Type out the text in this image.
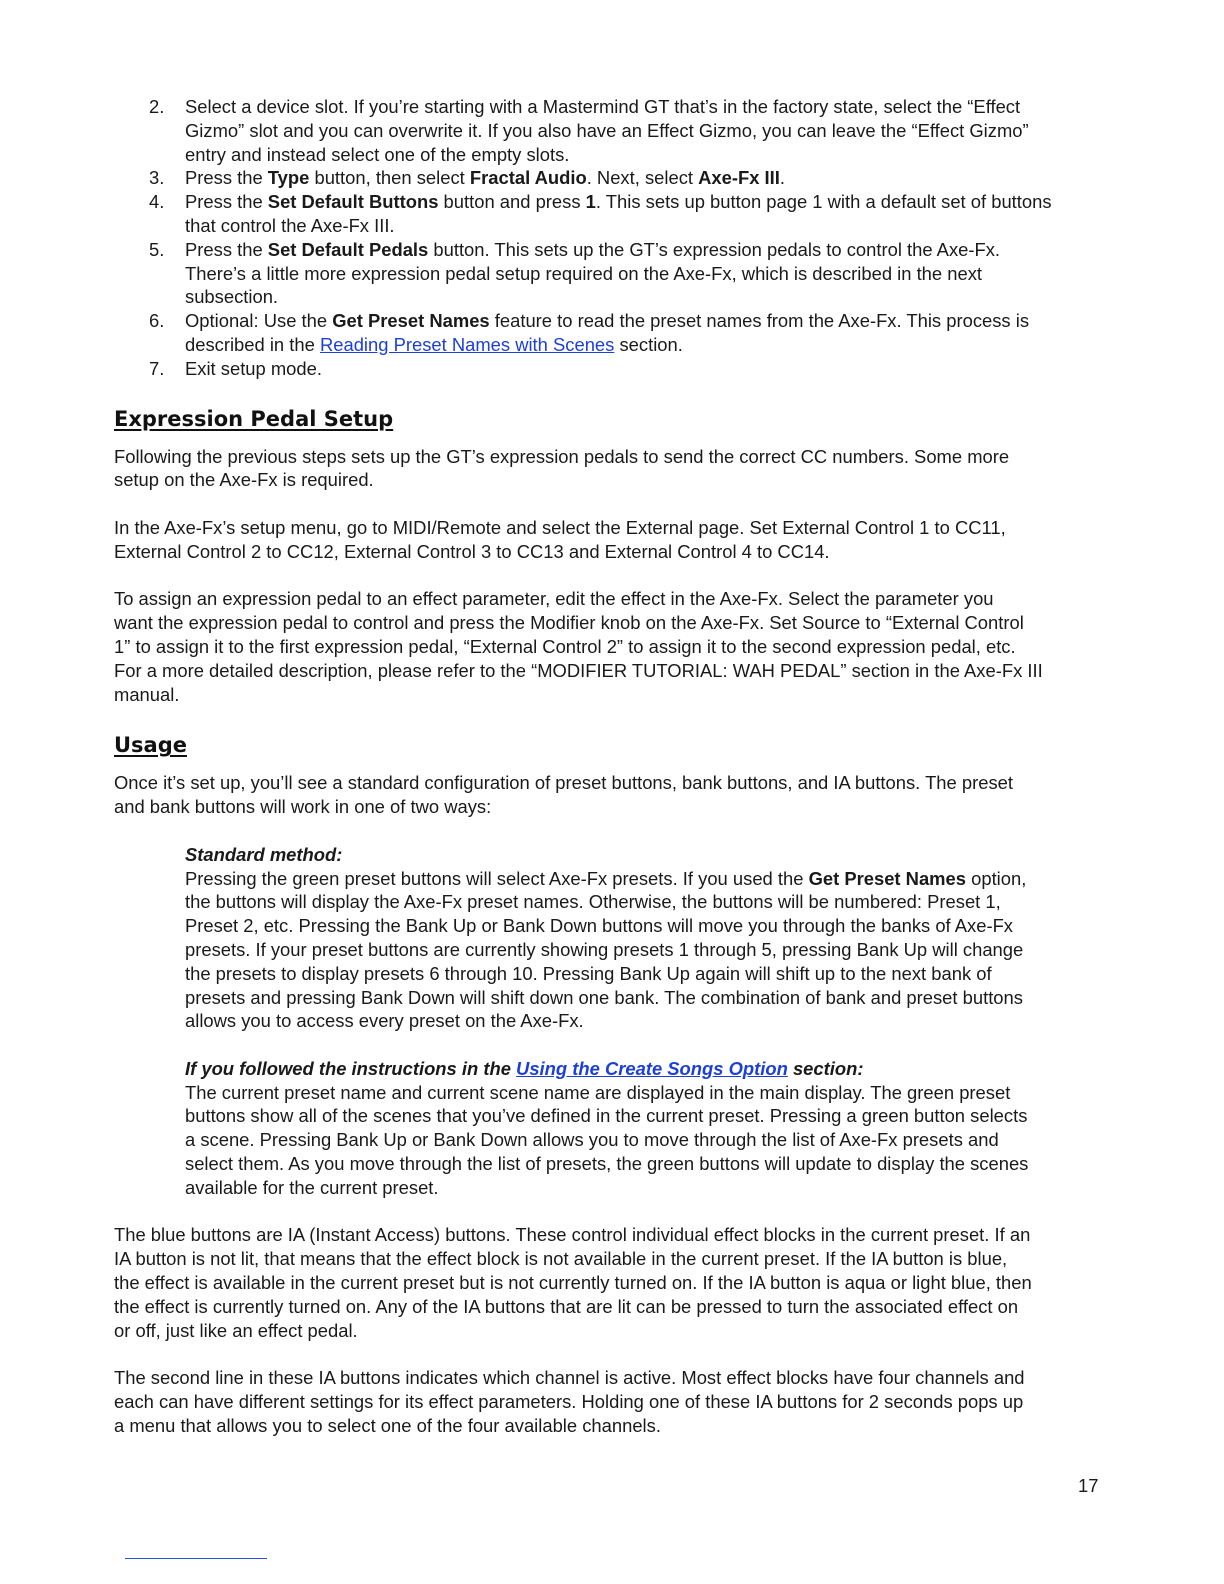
2. Select a device slot. If you’re starting with a Mastermind GT that’s in the factory state, select the “Effect
Gizmo” slot and you can overwrite it. If you also have an Effect Gizmo, you can leave the “Effect Gizmo”
entry and instead select one of the empty slots.
3. Press the Type button, then select Fractal Audio. Next, select Axe-Fx III.
4. Press the Set Default Buttons button and press 1. This sets up button page 1 with a default set of buttons
that control the Axe-Fx III.
5. Press the Set Default Pedals button. This sets up the GT’s expression pedals to control the Axe-Fx.
There’s a little more expression pedal setup required on the Axe-Fx, which is described in the next
subsection.
6. Optional: Use the Get Preset Names feature to read the preset names from the Axe-Fx. This process is
described in the Reading Preset Names with Scenes section.
7. Exit setup mode.
Expression Pedal Setup

Following the previous steps sets up the GT’s expression pedals to send the correct CC numbers. Some more
setup on the Axe-Fx is required.

In the Axe-Fx’s setup menu, go to MIDI/Remote and select the External page. Set External Control 1 to CC11,
External Control 2 to CC12, External Control 3 to CC13 and External Control 4 to CC14.

To assign an expression pedal to an effect parameter, edit the effect in the Axe-Fx. Select the parameter you
want the expression pedal to control and press the Modifier knob on the Axe-Fx. Set Source to “External Control
1” to assign it to the first expression pedal, “External Control 2” to assign it to the second expression pedal, etc.
For a more detailed description, please refer to the “MODIFIER TUTORIAL: WAH PEDAL” section in the Axe-Fx III
manual.

Usage

Once it’s set up, you’ll see a standard configuration of preset buttons, bank buttons, and IA buttons. The preset
and bank buttons will work in one of two ways:

Standard method:
Pressing the green preset buttons will select Axe-Fx presets. If you used the Get Preset Names option,
the buttons will display the Axe-Fx preset names. Otherwise, the buttons will be numbered: Preset 1,
Preset 2, etc. Pressing the Bank Up or Bank Down buttons will move you through the banks of Axe-Fx
presets. If your preset buttons are currently showing presets 1 through 5, pressing Bank Up will change
the presets to display presets 6 through 10. Pressing Bank Up again will shift up to the next bank of
presets and pressing Bank Down will shift down one bank. The combination of bank and preset buttons
allows you to access every preset on the Axe-Fx.
If you followed the instructions in the Using the Create Songs Option section:
The current preset name and current scene name are displayed in the main display. The green preset
buttons show all of the scenes that you’ve defined in the current preset. Pressing a green button selects
a scene. Pressing Bank Up or Bank Down allows you to move through the list of Axe-Fx presets and
select them. As you move through the list of presets, the green buttons will update to display the scenes
available for the current preset.

The blue buttons are IA (Instant Access) buttons. These control individual effect blocks in the current preset. If an
IA button is not lit, that means that the effect block is not available in the current preset. If the IA button is blue,
the effect is available in the current preset but is not currently turned on. If the IA button is aqua or light blue, then
the effect is currently turned on. Any of the IA buttons that are lit can be pressed to turn the associated effect on
or off, just like an effect pedal.

The second line in these IA buttons indicates which channel is active. Most effect blocks have four channels and
each can have different settings for its effect parameters. Holding one of these IA buttons for 2 seconds pops up
a menu that allows you to select one of the four available channels.

17
